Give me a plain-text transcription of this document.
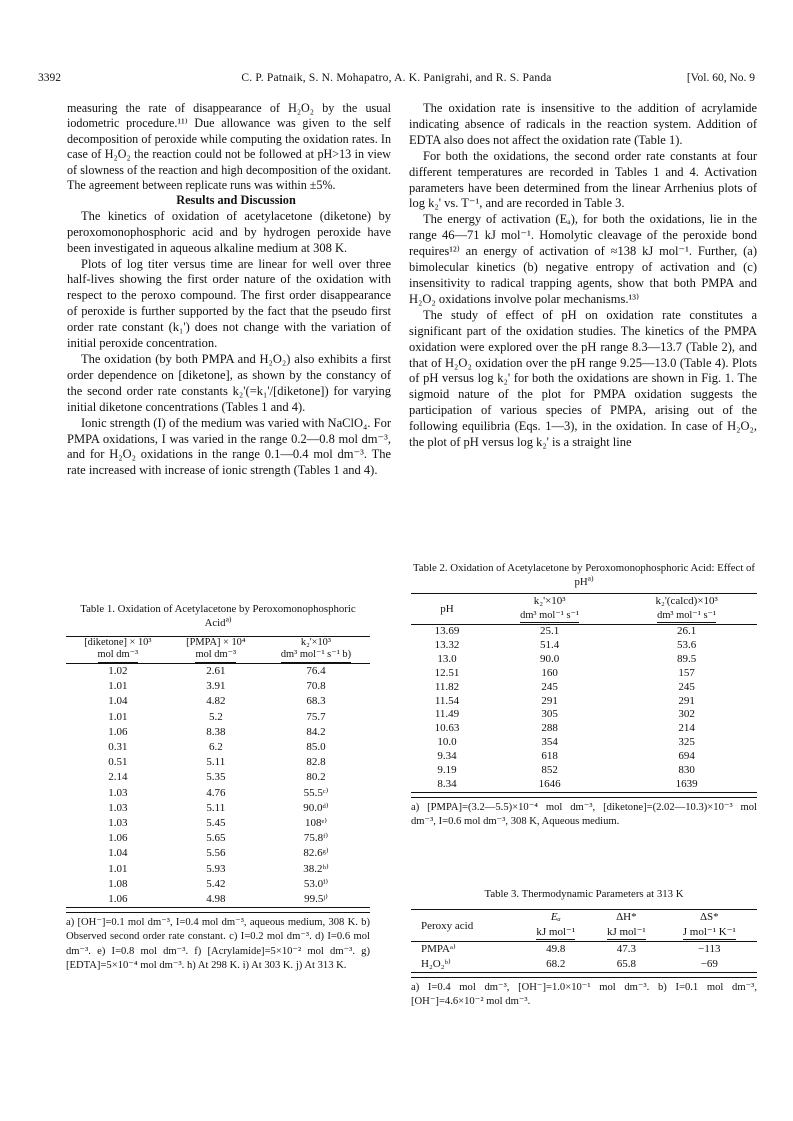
3392	C. P. Patnaik, S. N. Mohapatro, A. K. Panigrahi, and R. S. Panda	[Vol. 60, No. 9

measuring the rate of disappearance of H₂O₂ by the usual iodometric procedure.¹¹⁾ Due allowance was given to the self decomposition of peroxide while computing the oxidation rates. In case of H₂O₂ the reaction could not be followed at pH>13 in view of slowness of the reaction and high decomposition of the oxidant. The agreement between replicate runs was within ±5%.

Results and Discussion

The kinetics of oxidation of acetylacetone (diketone) by peroxomonophosphoric acid and by hydrogen peroxide have been investigated in aqueous alkaline medium at 308 K.

Plots of log titer versus time are linear for well over three half-lives showing the first order nature of the oxidation with respect to the peroxo compound. The first order disappearance of peroxide is further supported by the fact that the pseudo first order rate constant (k₁') does not change with the variation of initial peroxide concentration.

The oxidation (by both PMPA and H₂O₂) also exhibits a first order dependence on [diketone], as shown by the constancy of the second order rate constants k₂'(=k₁'/[diketone]) for varying initial diketone concentrations (Tables 1 and 4).

Ionic strength (I) of the medium was varied with NaClO₄. For PMPA oxidations, I was varied in the range 0.2—0.8 mol dm⁻³, and for H₂O₂ oxidations in the range 0.1—0.4 mol dm⁻³. The rate increased with increase of ionic strength (Tables 1 and 4).

The oxidation rate is insensitive to the addition of acrylamide indicating absence of radicals in the reaction system. Addition of EDTA also does not affect the oxidation rate (Table 1).

For both the oxidations, the second order rate constants at four different temperatures are recorded in Tables 1 and 4. Activation parameters have been determined from the linear Arrhenius plots of log k₂' vs. T⁻¹, and are recorded in Table 3.

The energy of activation (Eₐ), for both the oxidations, lie in the range 46—71 kJ mol⁻¹. Homolytic cleavage of the peroxide bond requires¹²⁾ an energy of activation of ≈138 kJ mol⁻¹. Further, (a) bimolecular kinetics (b) negative entropy of activation and (c) insensitivity to radical trapping agents, show that both PMPA and H₂O₂ oxidations involve polar mechanisms.¹³⁾

The study of effect of pH on oxidation rate constitutes a significant part of the oxidation studies. The kinetics of the PMPA oxidation were explored over the pH range 8.3—13.7 (Table 2), and that of H₂O₂ oxidation over the pH range 9.25—13.0 (Table 4). Plots of pH versus log k₂' for both the oxidations are shown in Fig. 1. The sigmoid nature of the plot for PMPA oxidation suggests the participation of various species of PMPA, arising out of the following equilibria (Eqs. 1—3), in the oxidation. In case of H₂O₂, the plot of pH versus log k₂' is a straight line

Table 1. Oxidation of Acetylacetone by Peroxomonophosphoric Acid$^{a)}$
[diketone] × 10³	[PMPA] × 10⁴	k₂'×10³
mol dm⁻³	mol dm⁻³	dm³ mol⁻¹ s⁻¹ b)
1.02	2.61	76.4
1.01	3.91	70.8
1.04	4.82	68.3
1.01	5.2	75.7
1.06	8.38	84.2
0.31	6.2	85.0
0.51	5.11	82.8
2.14	5.35	80.2
1.03	4.76	55.5ᶜ⁾
1.03	5.11	90.0ᵈ⁾
1.03	5.45	108ᵉ⁾
1.06	5.65	75.8ᶠ⁾
1.04	5.56	82.6ᵍ⁾
1.01	5.93	38.2ʰ⁾
1.08	5.42	53.0ⁱ⁾
1.06	4.98	99.5ʲ⁾
a) [OH⁻]=0.1 mol dm⁻³, I=0.4 mol dm⁻³, aqueous medium, 308 K. b) Observed second order rate constant. c) I=0.2 mol dm⁻³. d) I=0.6 mol dm⁻³. e) I=0.8 mol dm⁻³. f) [Acrylamide]=5×10⁻² mol dm⁻³. g) [EDTA]=5×10⁻⁴ mol dm⁻³. h) At 298 K. i) At 303 K. j) At 313 K.
Table 2. Oxidation of Acetylacetone by Peroxomonophosphoric Acid: Effect of $pH^{a)}$
pH	k₂'×10³	k₂'(calcd)×10³
	dm³ mol⁻¹ s⁻¹	dm³ mol⁻¹ s⁻¹
13.69	25.1	26.1
13.32	51.4	53.6
13.0	90.0	89.5
12.51	160	157
11.82	245	245
11.54	291	291
11.49	305	302
10.63	288	214
10.0	354	325
9.34	618	694
9.19	852	830
8.34	1646	1639
a) [PMPA]=(3.2—5.5)×10⁻⁴ mol dm⁻³, [diketone]=(2.02—10.3)×10⁻³ mol dm⁻³, I=0.6 mol dm⁻³, 308 K, Aqueous medium.
Table 3. Thermodynamic Parameters at 313 K
Peroxy acid	Eₐ	ΔH*	ΔS*
	kJ mol⁻¹	kJ mol⁻¹	J mol⁻¹ K⁻¹
PMPAᵃ⁾	49.8	47.3	−113
H₂O₂ᵇ⁾	68.2	65.8	−69
a) I=0.4 mol dm⁻³, [OH⁻]=1.0×10⁻¹ mol dm⁻³. b) I=0.1 mol dm⁻³, [OH⁻]=4.6×10⁻² mol dm⁻³.
